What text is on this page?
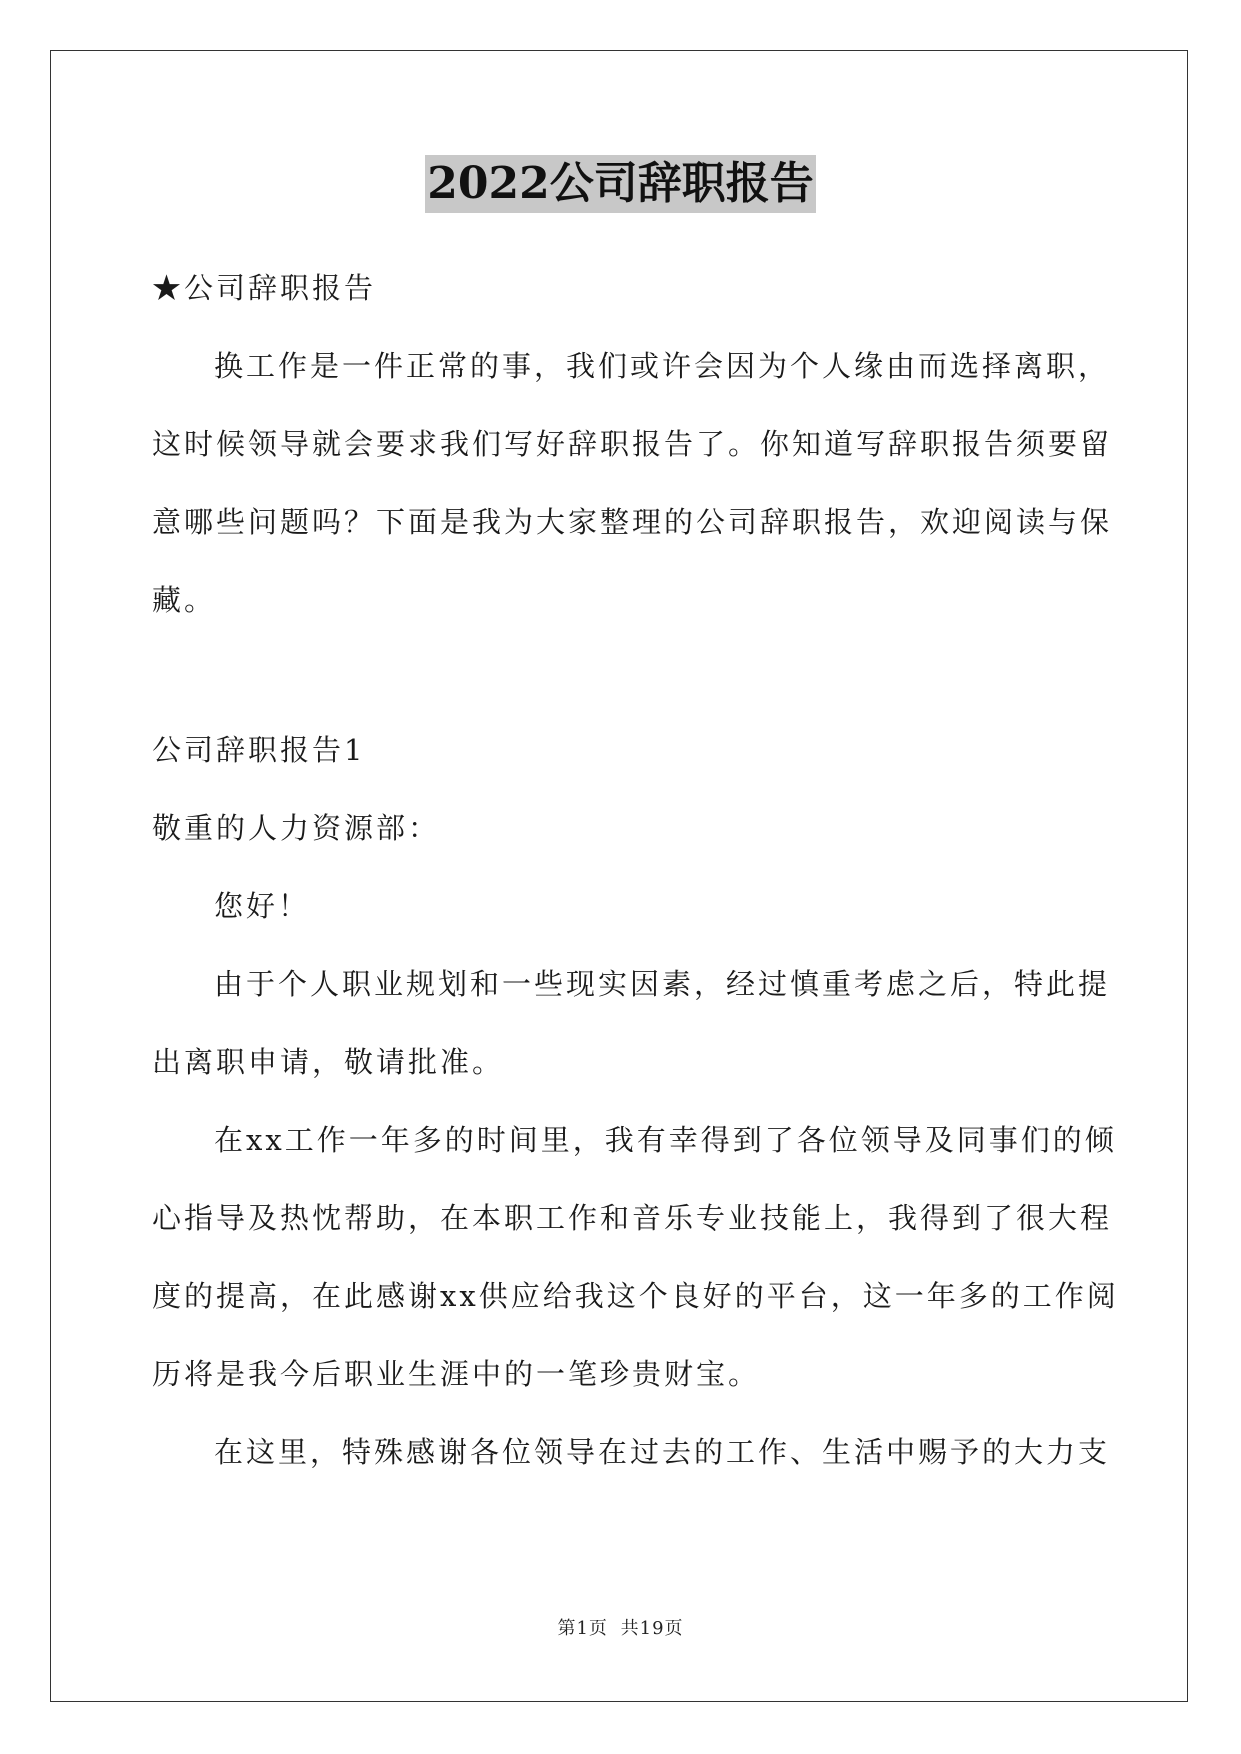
2022公司辞职报告

★公司辞职报告

换工作是一件正常的事，我们或许会因为个人缘由而选择离职，
这时候领导就会要求我们写好辞职报告了。你知道写辞职报告须要留
意哪些问题吗？下面是我为大家整理的公司辞职报告，欢迎阅读与保
藏。

公司辞职报告1

敬重的人力资源部：

您好！

由于个人职业规划和一些现实因素，经过慎重考虑之后，特此提
出离职申请，敬请批准。
在xx工作一年多的时间里，我有幸得到了各位领导及同事们的倾
心指导及热忱帮助，在本职工作和音乐专业技能上，我得到了很大程
度的提高，在此感谢xx供应给我这个良好的平台，这一年多的工作阅
历将是我今后职业生涯中的一笔珍贵财宝。
在这里，特殊感谢各位领导在过去的工作、生活中赐予的大力支
第1页 共19页
